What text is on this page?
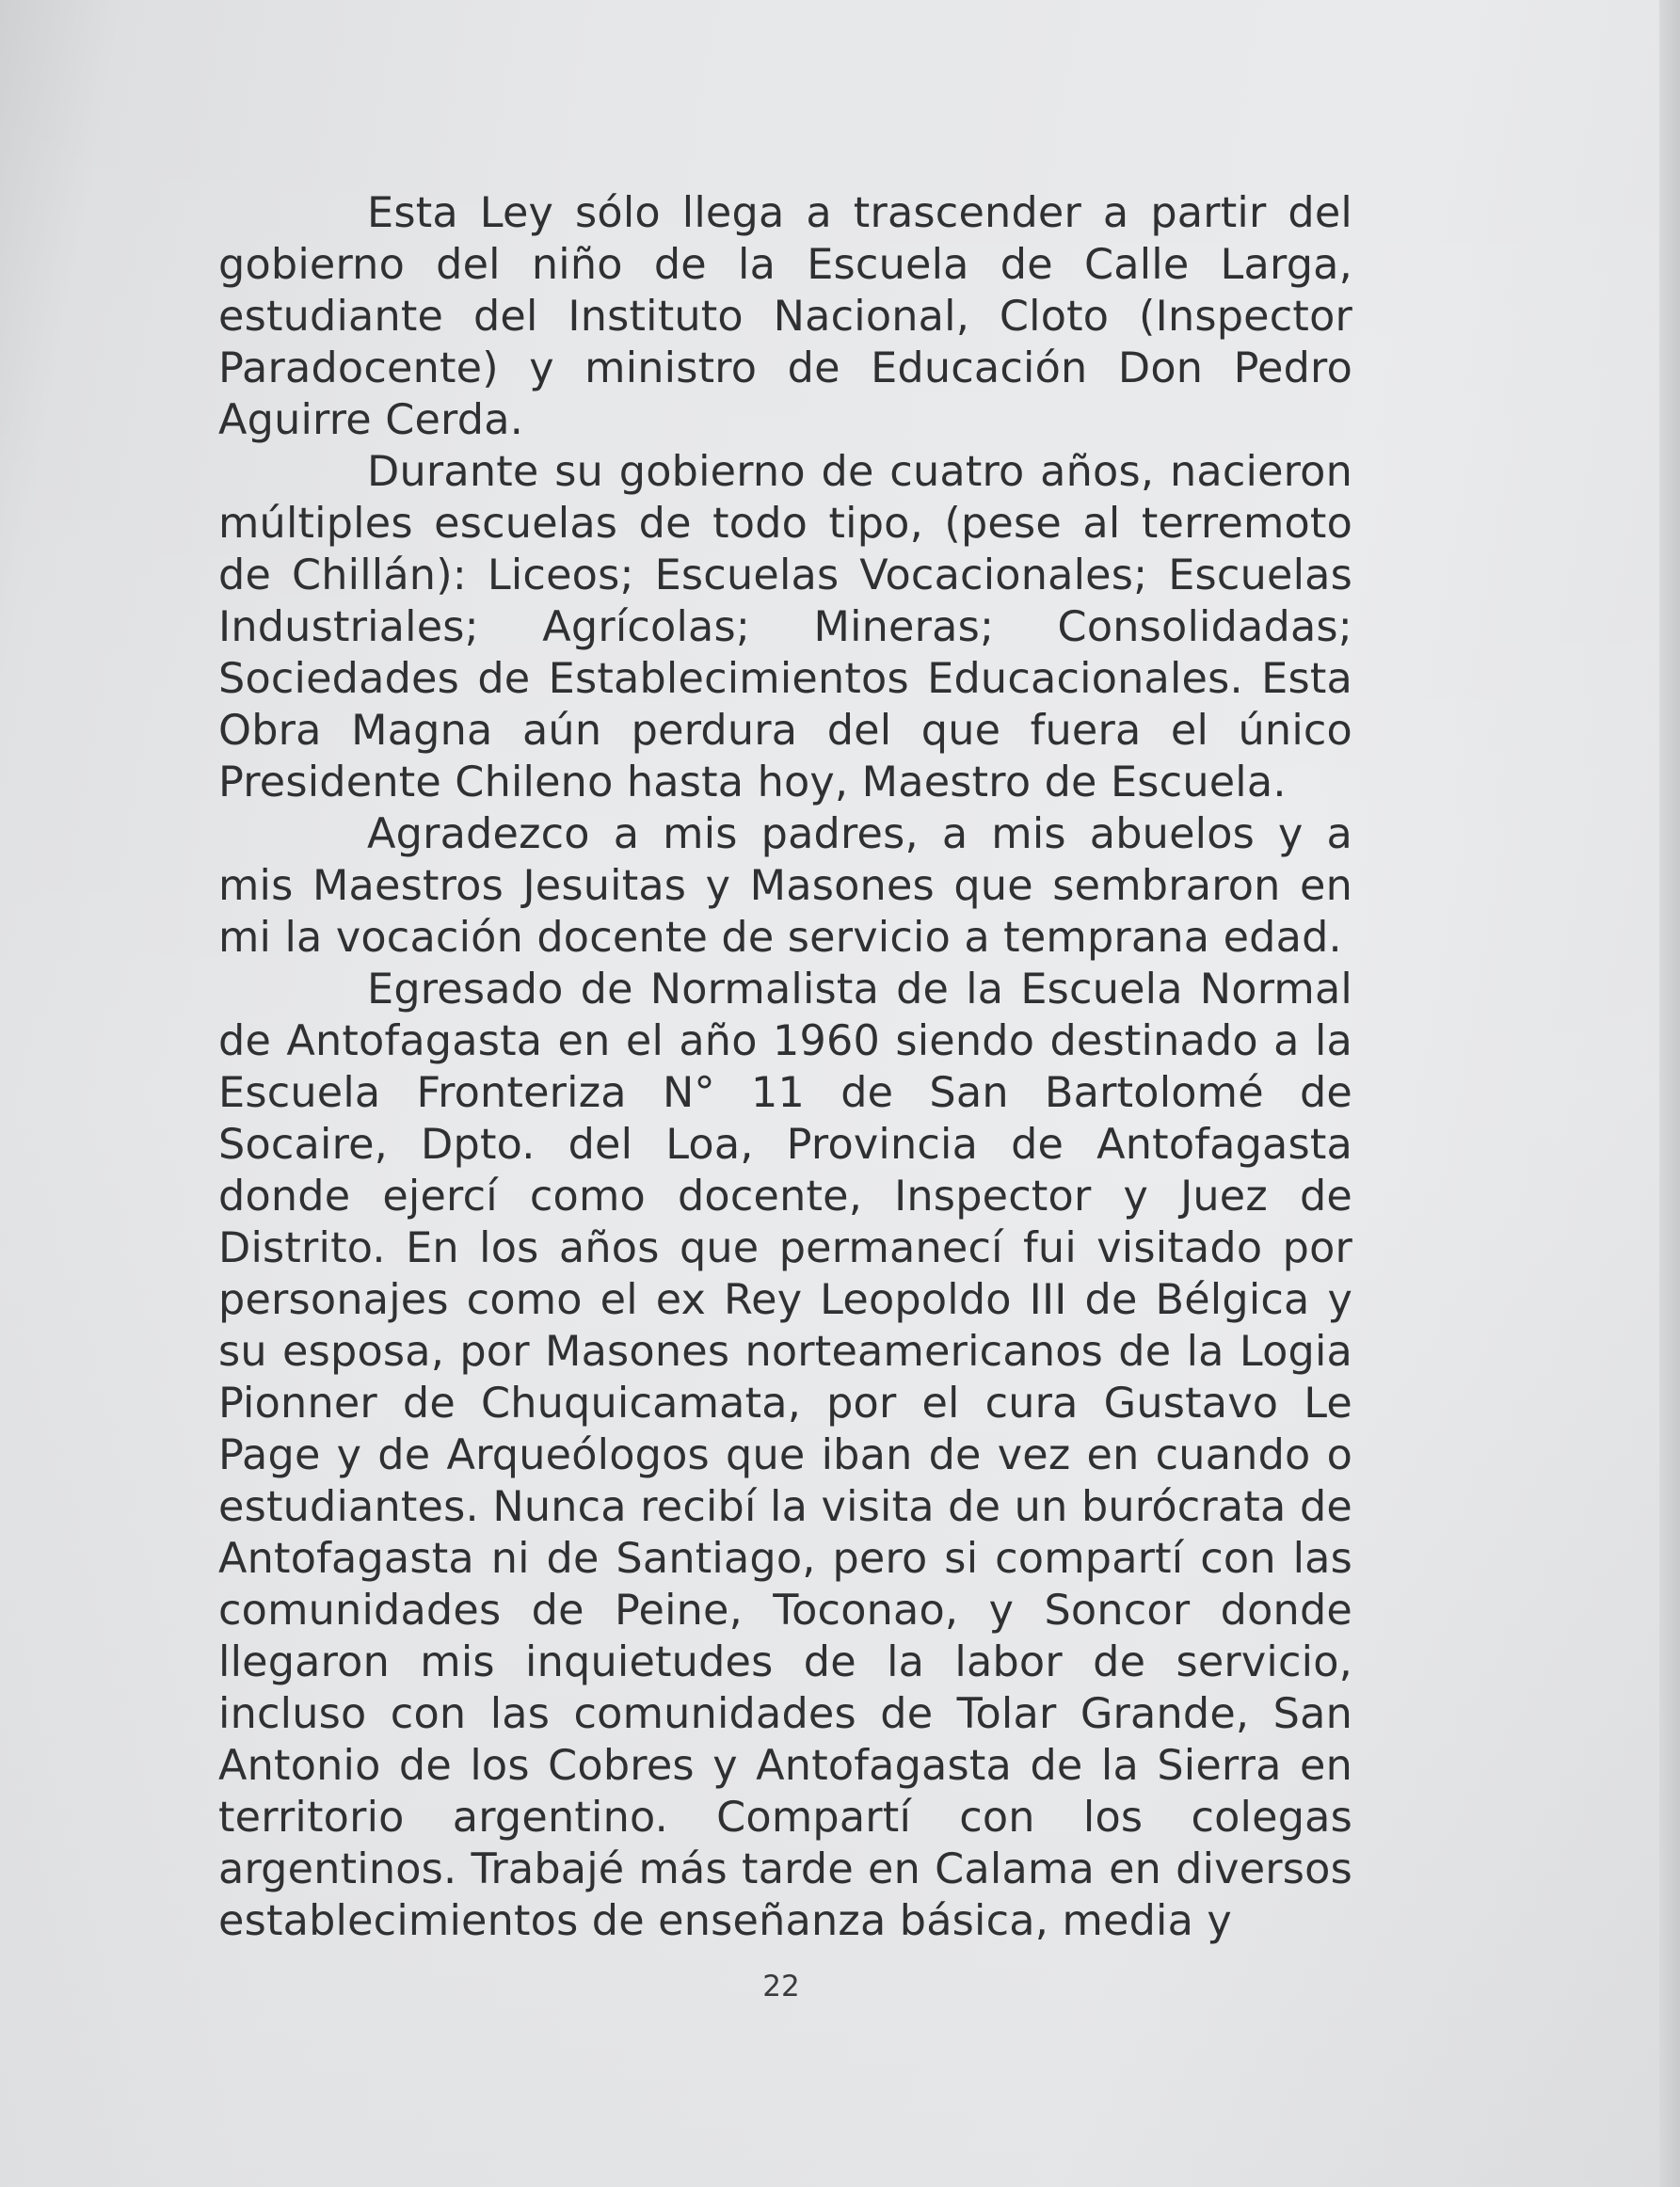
Esta Ley sólo llega a trascender a partir del gobierno del niño de la Escuela de Calle Larga, estudiante del Instituto Nacional, Cloto (Inspector Paradocente) y ministro de Educación Don Pedro Aguirre Cerda.

Durante su gobierno de cuatro años, nacieron múltiples escuelas de todo tipo, (pese al terremoto de Chillán): Liceos; Escuelas Vocacionales; Escuelas Industriales; Agrícolas; Mineras; Consolidadas; Sociedades de Establecimientos Educacionales. Esta Obra Magna aún perdura del que fuera el único Presidente Chileno hasta hoy, Maestro de Escuela.

Agradezco a mis padres, a mis abuelos y a mis Maestros Jesuitas y Masones que sembraron en mi la vocación docente de servicio a temprana edad.

Egresado de Normalista de la Escuela Normal de Antofagasta en el año 1960 siendo destinado a la Escuela Fronteriza N° 11 de San Bartolomé de Socaire, Dpto. del Loa, Provincia de Antofagasta donde ejercí como docente, Inspector y Juez de Distrito. En los años que permanecí fui visitado por personajes como el ex Rey Leopoldo III de Bélgica y su esposa, por Masones norteamericanos de la Logia Pionner de Chuquicamata, por el cura Gustavo Le Page y de Arqueólogos que iban de vez en cuando o estudiantes. Nunca recibí la visita de un burócrata de Antofagasta ni de Santiago, pero si compartí con las comunidades de Peine, Toconao, y Soncor donde llegaron mis inquietudes de la labor de servicio, incluso con las comunidades de Tolar Grande, San Antonio de los Cobres y Antofagasta de la Sierra en territorio argentino. Compartí con los colegas argentinos. Trabajé más tarde en Calama en diversos establecimientos de enseñanza básica, media y

22
